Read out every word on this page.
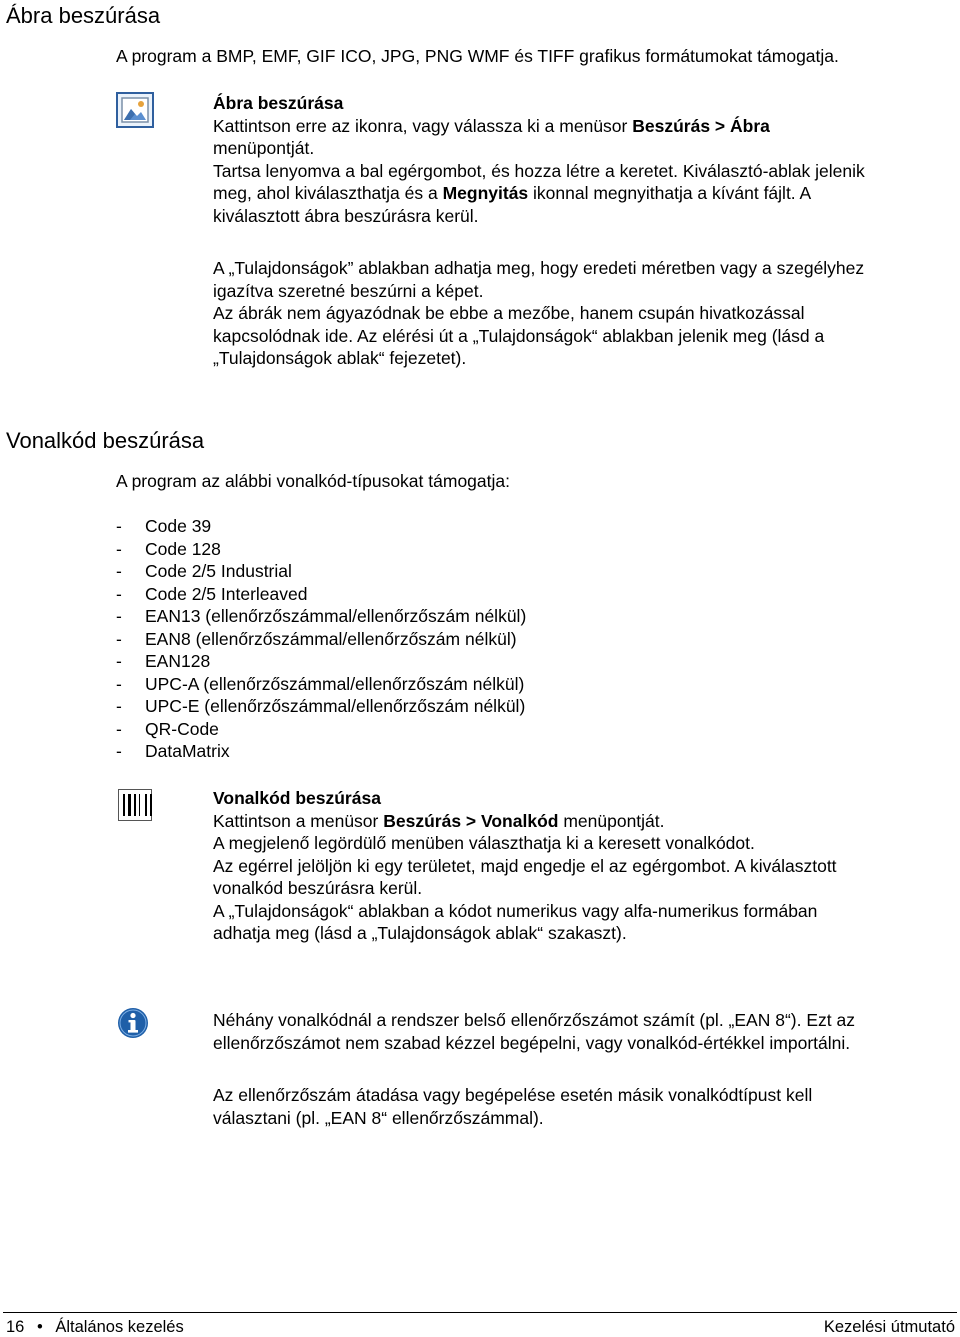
Ábra beszúrása
A program a BMP, EMF, GIF ICO, JPG, PNG WMF és TIFF grafikus formátumokat támogatja.

Ábra beszúrása

Kattintson erre az ikonra, vagy válassza ki a menüsor Beszúrás > Ábra menüpontját.

Tartsa lenyomva a bal egérgombot, és hozza létre a keretet. Kiválasztó-ablak jelenik meg, ahol kiválaszthatja és a Megnyitás ikonnal megnyithatja a kívánt fájlt. A kiválasztott ábra beszúrásra kerül.

A „Tulajdonságok” ablakban adhatja meg, hogy eredeti méretben vagy a szegélyhez igazítva szeretné beszúrni a képet.

Az ábrák nem ágyazódnak be ebbe a mezőbe, hanem csupán hivatkozással kapcsolódnak ide. Az elérési út a „Tulajdonságok“ ablakban jelenik meg (lásd a „Tulajdonságok ablak“ fejezetet).

Vonalkód beszúrása
A program az alábbi vonalkód-típusokat támogatja:
- Code 39
- Code 128
- Code 2/5 Industrial
- Code 2/5 Interleaved
- EAN13 (ellenőrzőszámmal/ellenőrzőszám nélkül)
- EAN8 (ellenőrzőszámmal/ellenőrzőszám nélkül)
- EAN128
- UPC-A (ellenőrzőszámmal/ellenőrzőszám nélkül)
- UPC-E (ellenőrzőszámmal/ellenőrzőszám nélkül)
- QR-Code
- DataMatrix

Vonalkód beszúrása

Kattintson a menüsor Beszúrás > Vonalkód menüpontját.

A megjelenő legördülő menüben választhatja ki a keresett vonalkódot.

Az egérrel jelöljön ki egy területet, majd engedje el az egérgombot. A kiválasztott vonalkód beszúrásra kerül.

A „Tulajdonságok“ ablakban a kódot numerikus vagy alfa-numerikus formában adhatja meg (lásd a „Tulajdonságok ablak“ szakaszt).

Néhány vonalkódnál a rendszer belső ellenőrzőszámot számít (pl. „EAN 8“). Ezt az ellenőrzőszámot nem szabad kézzel begépelni, vagy vonalkód-értékkel importálni.

Az ellenőrzőszám átadása vagy begépelése esetén másik vonalkódtípust kell választani (pl. „EAN 8“ ellenőrzőszámmal).

16 • Általános kezelés	Kezelési útmutató
